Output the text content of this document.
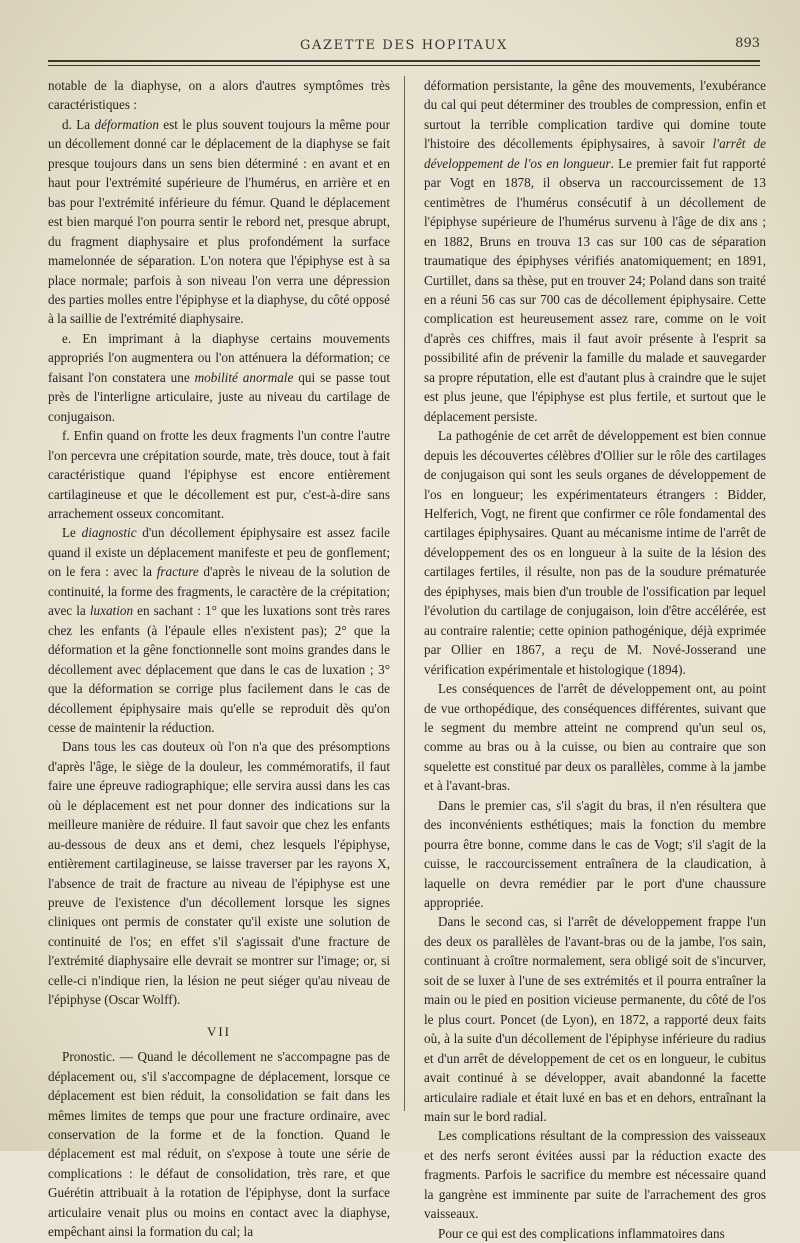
GAZETTE DES HOPITAUX	893

notable de la diaphyse, on a alors d'autres symptômes très caractéristiques :

d. La déformation est le plus souvent toujours la même pour un décollement donné car le déplacement de la diaphyse se fait presque toujours dans un sens bien déterminé : en avant et en haut pour l'extrémité supérieure de l'humérus, en arrière et en bas pour l'extrémité inférieure du fémur. Quand le déplacement est bien marqué l'on pourra sentir le rebord net, presque abrupt, du fragment diaphysaire et plus profondément la surface mamelonnée de séparation. L'on notera que l'épiphyse est à sa place normale; parfois à son niveau l'on verra une dépression des parties molles entre l'épiphyse et la diaphyse, du côté opposé à la saillie de l'extrémité diaphysaire.

e. En imprimant à la diaphyse certains mouvements appropriés l'on augmentera ou l'on atténuera la déformation; ce faisant l'on constatera une mobilité anormale qui se passe tout près de l'interligne articulaire, juste au niveau du cartilage de conjugaison.

f. Enfin quand on frotte les deux fragments l'un contre l'autre l'on percevra une crépitation sourde, mate, très douce, tout à fait caractéristique quand l'épiphyse est encore entièrement cartilagineuse et que le décollement est pur, c'est-à-dire sans arrachement osseux concomitant.

Le diagnostic d'un décollement épiphysaire est assez facile quand il existe un déplacement manifeste et peu de gonflement; on le fera : avec la fracture d'après le niveau de la solution de continuité, la forme des fragments, le caractère de la crépitation; avec la luxation en sachant : 1° que les luxations sont très rares chez les enfants (à l'épaule elles n'existent pas); 2° que la déformation et la gêne fonctionnelle sont moins grandes dans le décollement avec déplacement que dans le cas de luxation ; 3° que la déformation se corrige plus facilement dans le cas de décollement épiphysaire mais qu'elle se reproduit dès qu'on cesse de maintenir la réduction.

Dans tous les cas douteux où l'on n'a que des présomptions d'après l'âge, le siège de la douleur, les commémoratifs, il faut faire une épreuve radiographique; elle servira aussi dans les cas où le déplacement est net pour donner des indications sur la meilleure manière de réduire. Il faut savoir que chez les enfants au-dessous de deux ans et demi, chez lesquels l'épiphyse, entièrement cartilagineuse, se laisse traverser par les rayons X, l'absence de trait de fracture au niveau de l'épiphyse est une preuve de l'existence d'un décollement lorsque les signes cliniques ont permis de constater qu'il existe une solution de continuité de l'os; en effet s'il s'agissait d'une fracture de l'extrémité diaphysaire elle devrait se montrer sur l'image; or, si celle-ci n'indique rien, la lésion ne peut siéger qu'au niveau de l'épiphyse (Oscar Wolff).

VII

Pronostic. — Quand le décollement ne s'accompagne pas de déplacement ou, s'il s'accompagne de déplacement, lorsque ce déplacement est bien réduit, la consolidation se fait dans les mêmes limites de temps que pour une fracture ordinaire, avec conservation de la forme et de la fonction. Quand le déplacement est mal réduit, on s'expose à toute une série de complications : le défaut de consolidation, très rare, et que Guérétin attribuait à la rotation de l'épiphyse, dont la surface articulaire venait plus ou moins en contact avec la diaphyse, empêchant ainsi la formation du cal; la

déformation persistante, la gêne des mouvements, l'exubérance du cal qui peut déterminer des troubles de compression, enfin et surtout la terrible complication tardive qui domine toute l'histoire des décollements épiphysaires, à savoir l'arrêt de développement de l'os en longueur. Le premier fait fut rapporté par Vogt en 1878, il observa un raccourcissement de 13 centimètres de l'humérus consécutif à un décollement de l'épiphyse supérieure de l'humérus survenu à l'âge de dix ans ; en 1882, Bruns en trouva 13 cas sur 100 cas de séparation traumatique des épiphyses vérifiés anatomiquement; en 1891, Curtillet, dans sa thèse, put en trouver 24; Poland dans son traité en a réuni 56 cas sur 700 cas de décollement épiphysaire. Cette complication est heureusement assez rare, comme on le voit d'après ces chiffres, mais il faut avoir présente à l'esprit sa possibilité afin de prévenir la famille du malade et sauvegarder sa propre réputation, elle est d'autant plus à craindre que le sujet est plus jeune, que l'épiphyse est plus fertile, et surtout que le déplacement persiste.

La pathogénie de cet arrêt de développement est bien connue depuis les découvertes célèbres d'Ollier sur le rôle des cartilages de conjugaison qui sont les seuls organes de développement de l'os en longueur; les expérimentateurs étrangers : Bidder, Helferich, Vogt, ne firent que confirmer ce rôle fondamental des cartilages épiphysaires. Quant au mécanisme intime de l'arrêt de développement des os en longueur à la suite de la lésion des cartilages fertiles, il résulte, non pas de la soudure prématurée des épiphyses, mais bien d'un trouble de l'ossification par lequel l'évolution du cartilage de conjugaison, loin d'être accélérée, est au contraire ralentie; cette opinion pathogénique, déjà exprimée par Ollier en 1867, a reçu de M. Nové-Josserand une vérification expérimentale et histologique (1894).

Les conséquences de l'arrêt de développement ont, au point de vue orthopédique, des conséquences différentes, suivant que le segment du membre atteint ne comprend qu'un seul os, comme au bras ou à la cuisse, ou bien au contraire que son squelette est constitué par deux os parallèles, comme à la jambe et à l'avant-bras.

Dans le premier cas, s'il s'agit du bras, il n'en résultera que des inconvénients esthétiques; mais la fonction du membre pourra être bonne, comme dans le cas de Vogt; s'il s'agit de la cuisse, le raccourcissement entraînera de la claudication, à laquelle on devra remédier par le port d'une chaussure appropriée.

Dans le second cas, si l'arrêt de développement frappe l'un des deux os parallèles de l'avant-bras ou de la jambe, l'os sain, continuant à croître normalement, sera obligé soit de s'incurver, soit de se luxer à l'une de ses extrémités et il pourra entraîner la main ou le pied en position vicieuse permanente, du côté de l'os le plus court. Poncet (de Lyon), en 1872, a rapporté deux faits où, à la suite d'un décollement de l'épiphyse inférieure du radius et d'un arrêt de développement de cet os en longueur, le cubitus avait continué à se développer, avait abandonné la facette articulaire radiale et était luxé en bas et en dehors, entraînant la main sur le bord radial.

Les complications résultant de la compression des vaisseaux et des nerfs seront évitées aussi par la réduction exacte des fragments. Parfois le sacrifice du membre est nécessaire quand la gangrène est imminente par suite de l'arrachement des gros vaisseaux.

Pour ce qui est des complications inflammatoires dans
